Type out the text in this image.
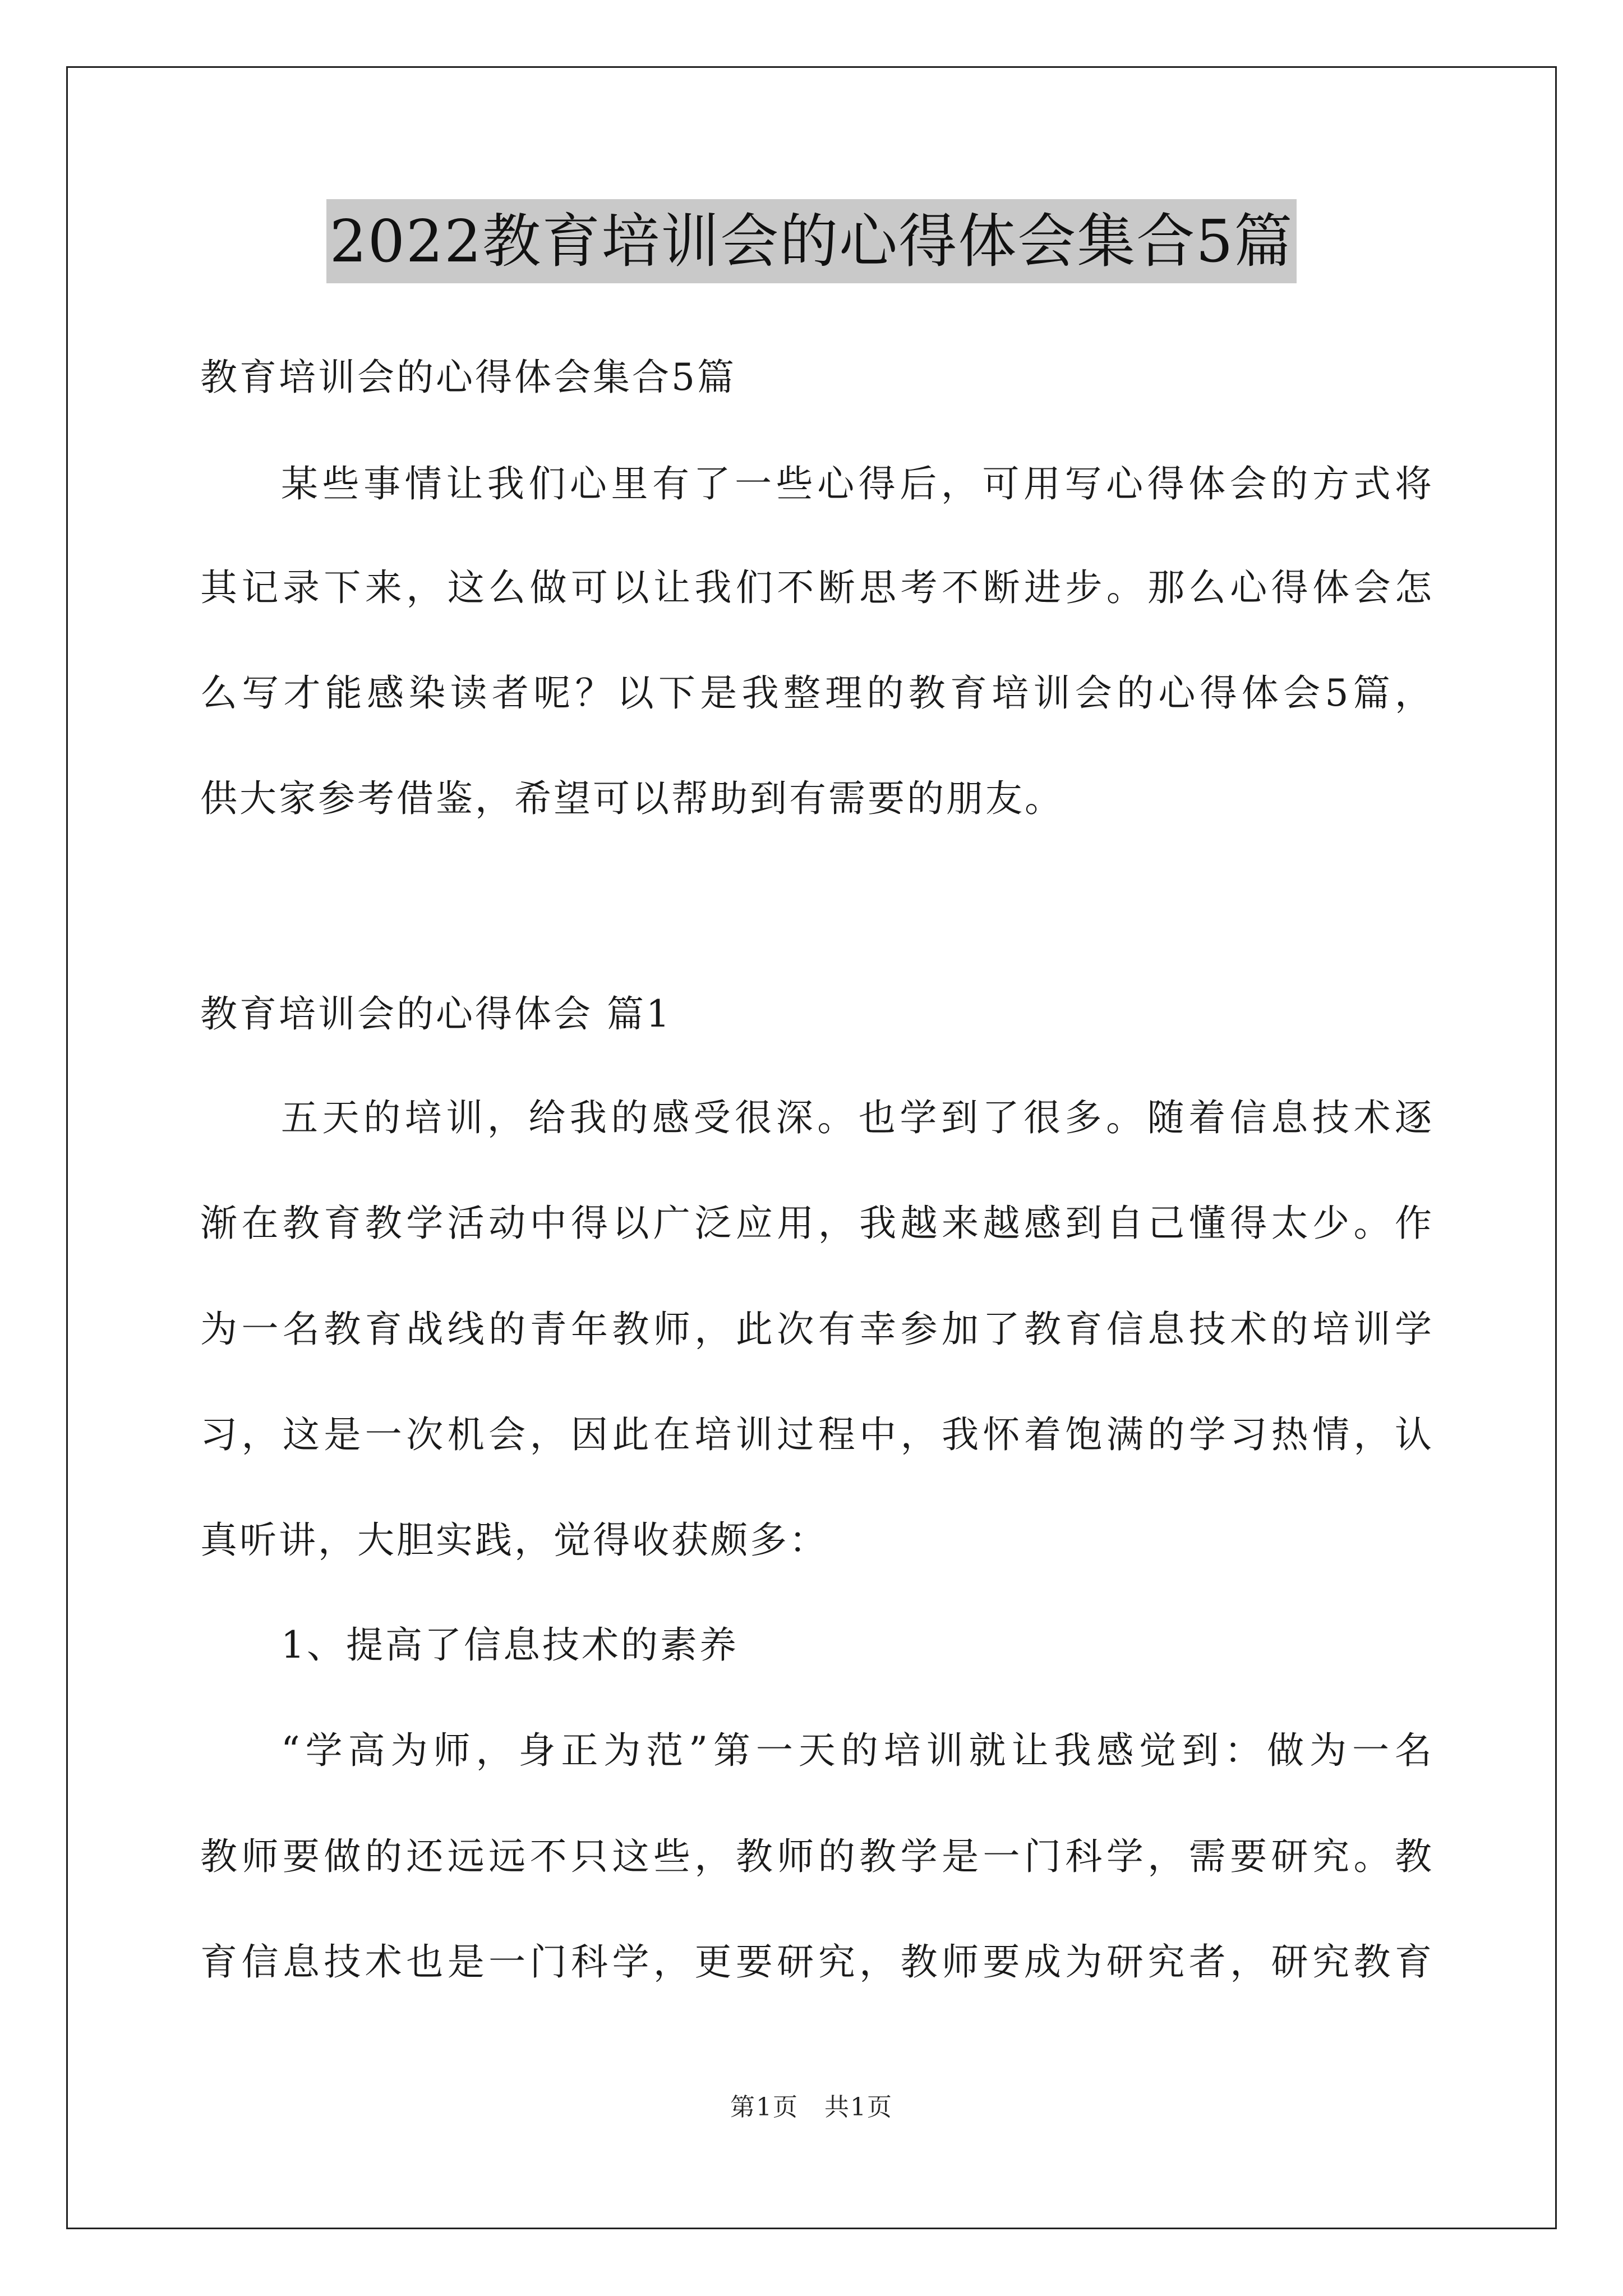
2022教育培训会的心得体会集合5篇
教育培训会的心得体会集合5篇
某些事情让我们心里有了一些心得后，可用写心得体会的方式将
其记录下来，这么做可以让我们不断思考不断进步。那么心得体会怎
么写才能感染读者呢？以下是我整理的教育培训会的心得体会5篇，
供大家参考借鉴，希望可以帮助到有需要的朋友。
教育培训会的心得体会 篇1
五天的培训，给我的感受很深。也学到了很多。随着信息技术逐
渐在教育教学活动中得以广泛应用，我越来越感到自己懂得太少。作
为一名教育战线的青年教师，此次有幸参加了教育信息技术的培训学
习，这是一次机会，因此在培训过程中，我怀着饱满的学习热情，认
真听讲，大胆实践，觉得收获颇多：
1、提高了信息技术的素养
“学高为师，身正为范”第一天的培训就让我感觉到：做为一名
教师要做的还远远不只这些，教师的教学是一门科学，需要研究。教
育信息技术也是一门科学，更要研究，教师要成为研究者，研究教育
第1页　共1页
